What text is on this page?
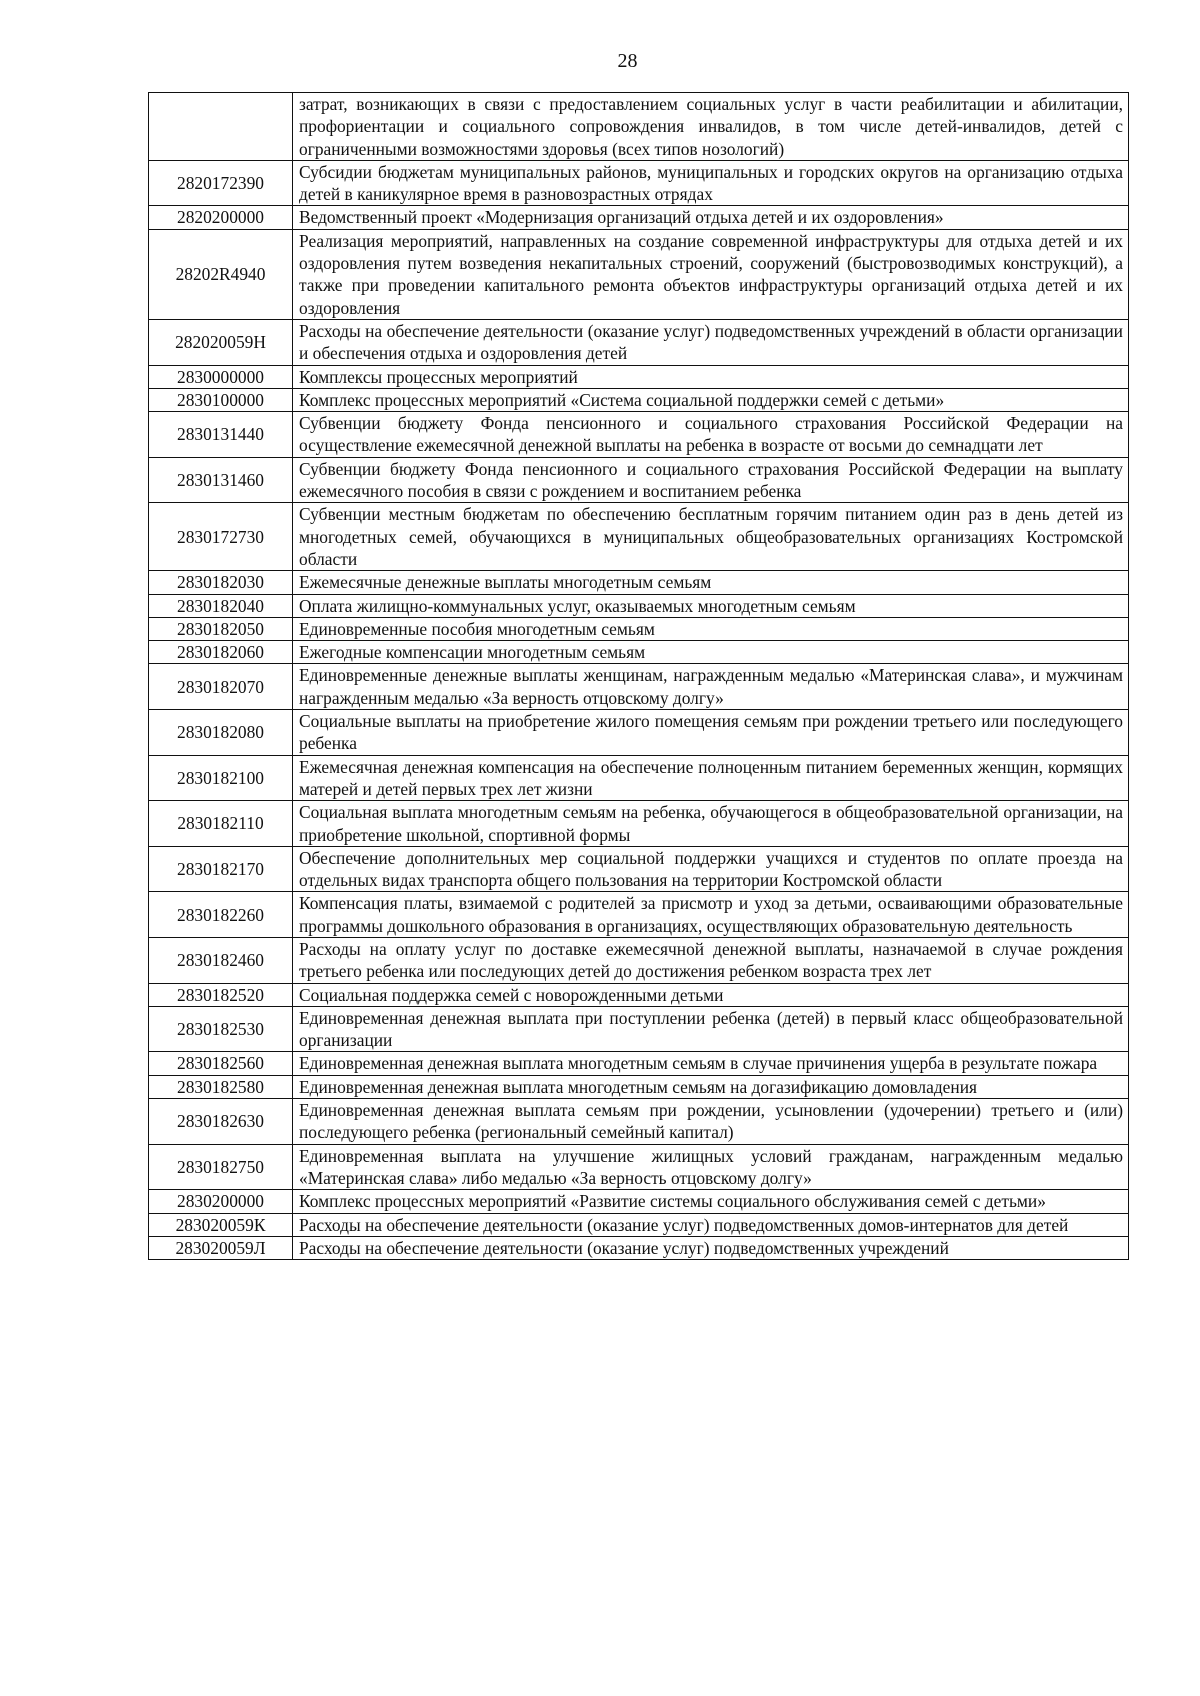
28
	затрат, возникающих в связи с предоставлением социальных услуг в части реабилитации и абилитации, профориентации и социального сопровождения инвалидов, в том числе детей-инвалидов, детей с ограниченными возможностями здоровья (всех типов нозологий)
2820172390	Субсидии бюджетам муниципальных районов, муниципальных и городских округов на организацию отдыха детей в каникулярное время в разновозрастных отрядах
2820200000	Ведомственный проект «Модернизация организаций отдыха детей и их оздоровления»
28202R4940	Реализация мероприятий, направленных на создание современной инфраструктуры для отдыха детей и их оздоровления путем возведения некапитальных строений, сооружений (быстровозводимых конструкций), а также при проведении капитального ремонта объектов инфраструктуры организаций отдыха детей и их оздоровления
282020059Н	Расходы на обеспечение деятельности (оказание услуг) подведомственных учреждений в области организации и обеспечения отдыха и оздоровления детей
2830000000	Комплексы процессных мероприятий
2830100000	Комплекс процессных мероприятий «Система социальной поддержки семей с детьми»
2830131440	Субвенции бюджету Фонда пенсионного и социального страхования Российской Федерации на осуществление ежемесячной денежной выплаты на ребенка в возрасте от восьми до семнадцати лет
2830131460	Субвенции бюджету Фонда пенсионного и социального страхования Российской Федерации на выплату ежемесячного пособия в связи с рождением и воспитанием ребенка
2830172730	Субвенции местным бюджетам по обеспечению бесплатным горячим питанием один раз в день детей из многодетных семей, обучающихся в муниципальных общеобразовательных организациях Костромской области
2830182030	Ежемесячные денежные выплаты многодетным семьям
2830182040	Оплата жилищно-коммунальных услуг, оказываемых многодетным семьям
2830182050	Единовременные пособия многодетным семьям
2830182060	Ежегодные компенсации многодетным семьям
2830182070	Единовременные денежные выплаты женщинам, награжденным медалью «Материнская слава», и мужчинам награжденным медалью «За верность отцовскому долгу»
2830182080	Социальные выплаты на приобретение жилого помещения семьям при рождении третьего или последующего ребенка
2830182100	Ежемесячная денежная компенсация на обеспечение полноценным питанием беременных женщин, кормящих матерей и детей первых трех лет жизни
2830182110	Социальная выплата многодетным семьям на ребенка, обучающегося в общеобразовательной организации, на приобретение школьной, спортивной формы
2830182170	Обеспечение дополнительных мер социальной поддержки учащихся и студентов по оплате проезда на отдельных видах транспорта общего пользования на территории Костромской области
2830182260	Компенсация платы, взимаемой с родителей за присмотр и уход за детьми, осваивающими образовательные программы дошкольного образования в организациях, осуществляющих образовательную деятельность
2830182460	Расходы на оплату услуг по доставке ежемесячной денежной выплаты, назначаемой в случае рождения третьего ребенка или последующих детей до достижения ребенком возраста трех лет
2830182520	Социальная поддержка семей с новорожденными детьми
2830182530	Единовременная денежная выплата при поступлении ребенка (детей) в первый класс общеобразовательной организации
2830182560	Единовременная денежная выплата многодетным семьям в случае причинения ущерба в результате пожара
2830182580	Единовременная денежная выплата многодетным семьям на догазификацию домовладения
2830182630	Единовременная денежная выплата семьям при рождении, усыновлении (удочерении) третьего и (или) последующего ребенка (региональный семейный капитал)
2830182750	Единовременная выплата на улучшение жилищных условий гражданам, награжденным медалью «Материнская слава» либо медалью «За верность отцовскому долгу»
2830200000	Комплекс процессных мероприятий «Развитие системы социального обслуживания семей с детьми»
283020059К	Расходы на обеспечение деятельности (оказание услуг) подведомственных домов-интернатов для детей
283020059Л	Расходы на обеспечение деятельности (оказание услуг) подведомственных учреждений
